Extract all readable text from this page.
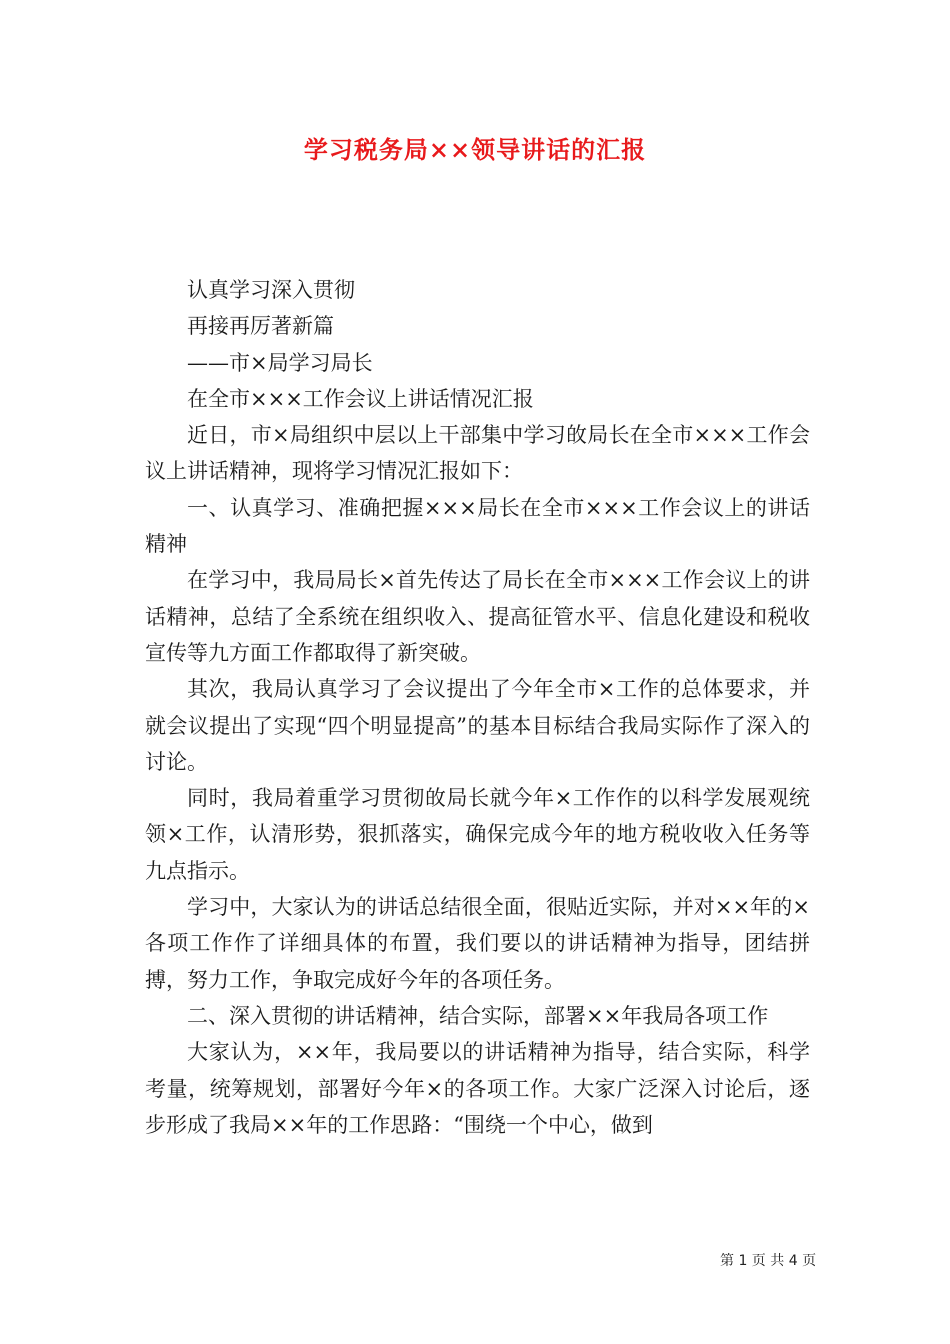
学习税务局××领导讲话的汇报

认真学习深入贯彻

再接再厉著新篇

——市×局学习局长

在全市×××工作会议上讲话情况汇报

近日，市×局组织中层以上干部集中学习敀局长在全市×××工作会议上讲话精神，现将学习情况汇报如下：

一、认真学习、准确把握×××局长在全市×××工作会议上的讲话精神

在学习中，我局局长×首先传达了局长在全市×××工作会议上的讲话精神，总结了全系统在组织收入、提高征管水平、信息化建设和税收宣传等九方面工作都取得了新突破。

其次，我局认真学习了会议提出了今年全市×工作的总体要求，并就会议提出了实现“四个明显提高”的基本目标结合我局实际作了深入的讨论。

同时，我局着重学习贯彻敀局长就今年×工作作的以科学发展观统领×工作，认清形势，狠抓落实，确保完成今年的地方税收收入任务等九点指示。

学习中，大家认为的讲话总结很全面，很贴近实际，并对××年的×各项工作作了详细具体的布置，我们要以的讲话精神为指导，团结拼搏，努力工作，争取完成好今年的各项任务。

二、深入贯彻的讲话精神，结合实际，部署××年我局各项工作

大家认为，××年，我局要以的讲话精神为指导，结合实际，科学考量，统筹规划，部署好今年×的各项工作。大家广泛深入讨论后，逐步形成了我局××年的工作思路：“围绕一个中心，做到

第 1 页 共 4 页
